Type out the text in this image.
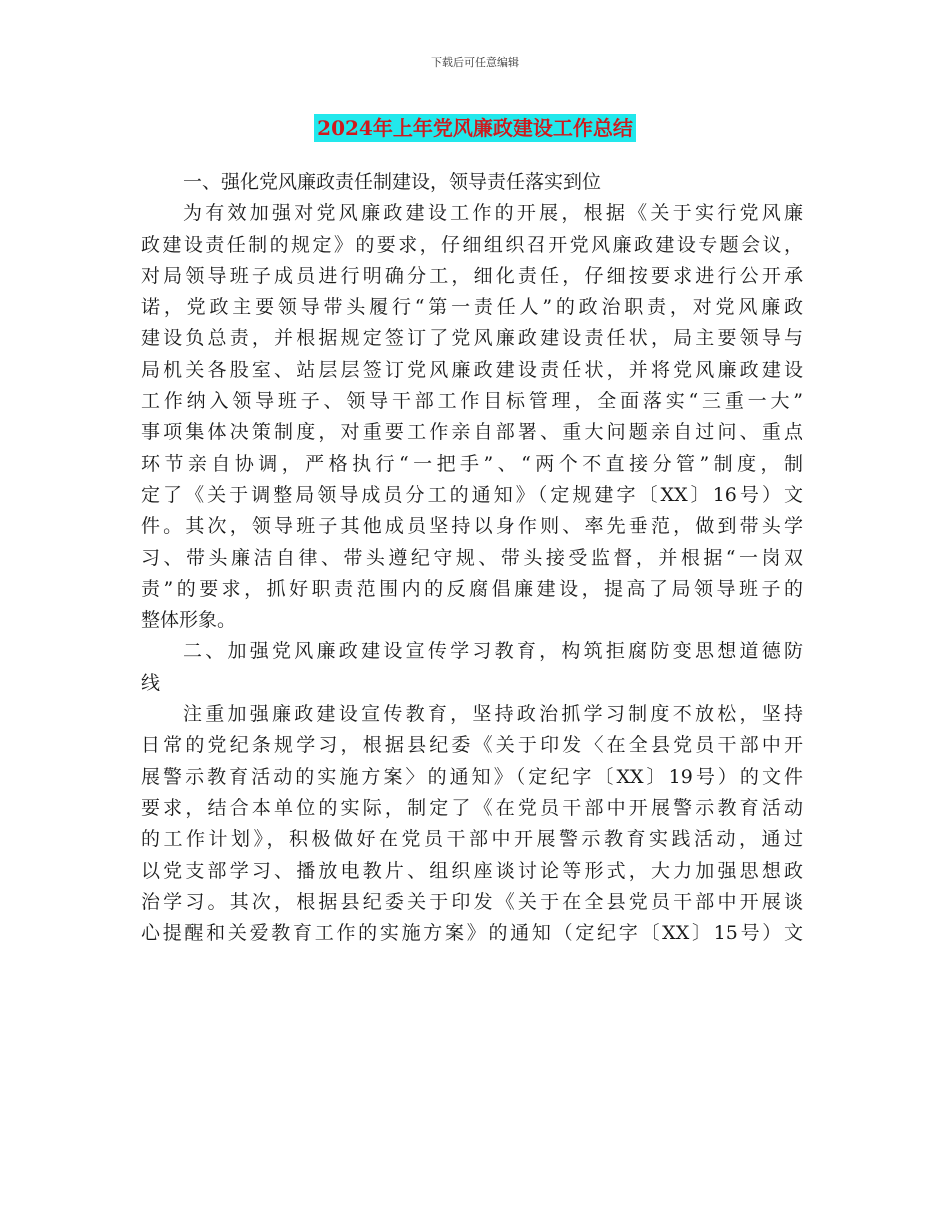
下载后可任意编辑
2024年上年党风廉政建设工作总结
一、强化党风廉政责任制建设，领导责任落实到位
为有效加强对党风廉政建设工作的开展，根据《关于实行党风廉
政建设责任制的规定》的要求，仔细组织召开党风廉政建设专题会议，
对局领导班子成员进行明确分工，细化责任，仔细按要求进行公开承
诺，党政主要领导带头履行“第一责任人”的政治职责，对党风廉政
建设负总责，并根据规定签订了党风廉政建设责任状，局主要领导与
局机关各股室、站层层签订党风廉政建设责任状，并将党风廉政建设
工作纳入领导班子、领导干部工作目标管理，全面落实“三重一大”
事项集体决策制度，对重要工作亲自部署、重大问题亲自过问、重点
环节亲自协调，严格执行“一把手”、“两个不直接分管”制度，制
定了《关于调整局领导成员分工的通知》（定规建字〔XX〕16号）文
件。其次，领导班子其他成员坚持以身作则、率先垂范，做到带头学
习、带头廉洁自律、带头遵纪守规、带头接受监督，并根据“一岗双
责”的要求，抓好职责范围内的反腐倡廉建设，提高了局领导班子的
整体形象。
二、加强党风廉政建设宣传学习教育，构筑拒腐防变思想道德防
线
注重加强廉政建设宣传教育，坚持政治抓学习制度不放松，坚持
日常的党纪条规学习，根据县纪委《关于印发〈在全县党员干部中开
展警示教育活动的实施方案〉的通知》（定纪字〔XX〕19号）的文件
要求，结合本单位的实际，制定了《在党员干部中开展警示教育活动
的工作计划》，积极做好在党员干部中开展警示教育实践活动，通过
以党支部学习、播放电教片、组织座谈讨论等形式，大力加强思想政
治学习。其次，根据县纪委关于印发《关于在全县党员干部中开展谈
心提醒和关爱教育工作的实施方案》的通知（定纪字〔XX〕15号）文
